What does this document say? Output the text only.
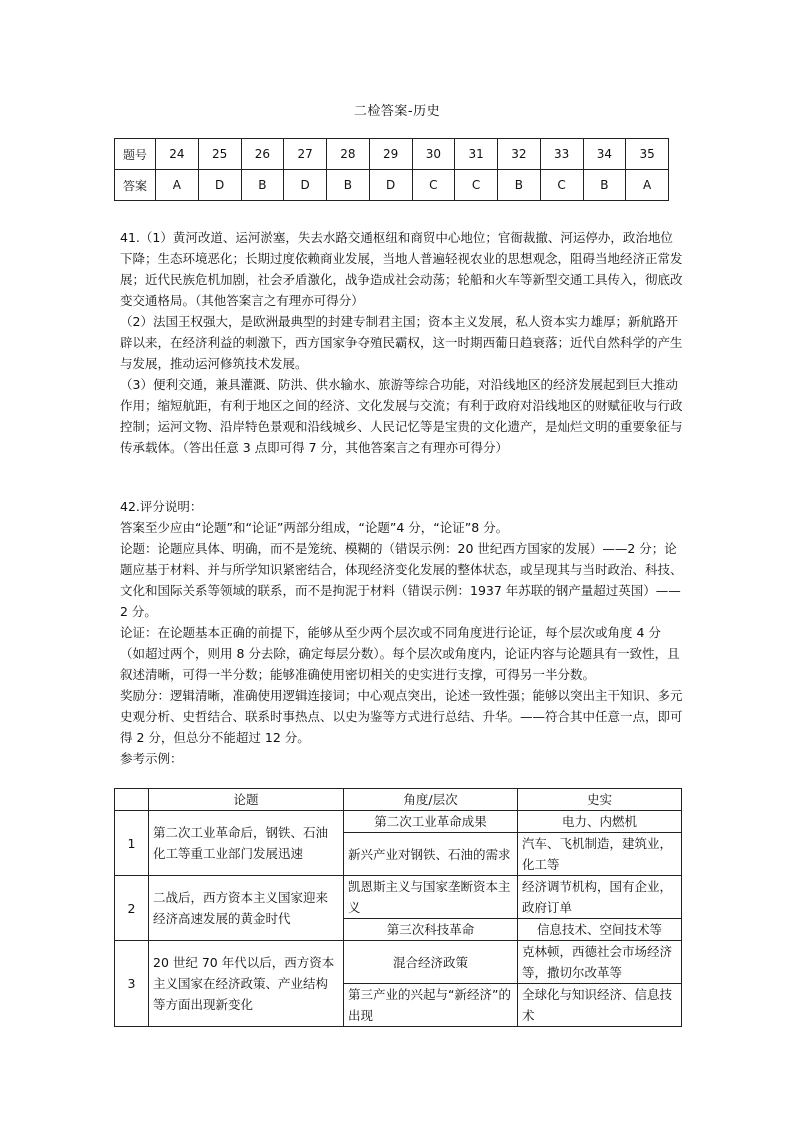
二检答案-历史
题号	24	25	26	27	28	29	30	31	32	33	34	35
答案	A	D	B	D	B	D	C	C	B	C	B	A

41.（1）黄河改道、运河淤塞，失去水路交通枢纽和商贸中心地位；官衙裁撤、河运停办，政治地位下降；生态环境恶化；长期过度依赖商业发展，当地人普遍轻视农业的思想观念，阻碍当地经济正常发展；近代民族危机加剧，社会矛盾激化，战争造成社会动荡；轮船和火车等新型交通工具传入，彻底改变交通格局。（其他答案言之有理亦可得分）

（2）法国王权强大，是欧洲最典型的封建专制君主国；资本主义发展，私人资本实力雄厚；新航路开辟以来，在经济利益的刺激下，西方国家争夺殖民霸权，这一时期西葡日趋衰落；近代自然科学的产生与发展，推动运河修筑技术发展。

（3）便利交通，兼具灌溉、防洪、供水输水、旅游等综合功能，对沿线地区的经济发展起到巨大推动作用；缩短航距，有利于地区之间的经济、文化发展与交流；有利于政府对沿线地区的财赋征收与行政控制；运河文物、沿岸特色景观和沿线城乡、人民记忆等是宝贵的文化遗产，是灿烂文明的重要象征与传承载体。（答出任意 3 点即可得 7 分，其他答案言之有理亦可得分）

42.评分说明：

答案至少应由“论题”和“论证”两部分组成，“论题”4 分，“论证”8 分。

论题：论题应具体、明确，而不是笼统、模糊的（错误示例：20 世纪西方国家的发展）——2 分；论题应基于材料、并与所学知识紧密结合，体现经济变化发展的整体状态，或呈现其与当时政治、科技、文化和国际关系等领域的联系，而不是拘泥于材料（错误示例：1937 年苏联的钢产量超过英国）——2 分。

论证：在论题基本正确的前提下，能够从至少两个层次或不同角度进行论证，每个层次或角度 4 分（如超过两个，则用 8 分去除，确定每层分数）。每个层次或角度内，论证内容与论题具有一致性，且叙述清晰，可得一半分数；能够准确使用密切相关的史实进行支撑，可得另一半分数。

奖励分：逻辑清晰，准确使用逻辑连接词；中心观点突出，论述一致性强；能够以突出主干知识、多元史观分析、史哲结合、联系时事热点、以史为鉴等方式进行总结、升华。——符合其中任意一点，即可得 2 分，但总分不能超过 12 分。

参考示例：

	论题	角度/层次	史实
1	第二次工业革命后，钢铁、石油化工等重工业部门发展迅速	第二次工业革命成果	电力、内燃机
		新兴产业对钢铁、石油的需求	汽车、飞机制造，建筑业，化工等
2	二战后，西方资本主义国家迎来经济高速发展的黄金时代	凯恩斯主义与国家垄断资本主义	经济调节机构，国有企业，政府订单
		第三次科技革命	信息技术、空间技术等
3	20 世纪 70 年代以后，西方资本主义国家在经济政策、产业结构等方面出现新变化	混合经济政策	克林顿，西德社会市场经济等，撒切尔改革等
		第三产业的兴起与“新经济”的出现	全球化与知识经济、信息技术
